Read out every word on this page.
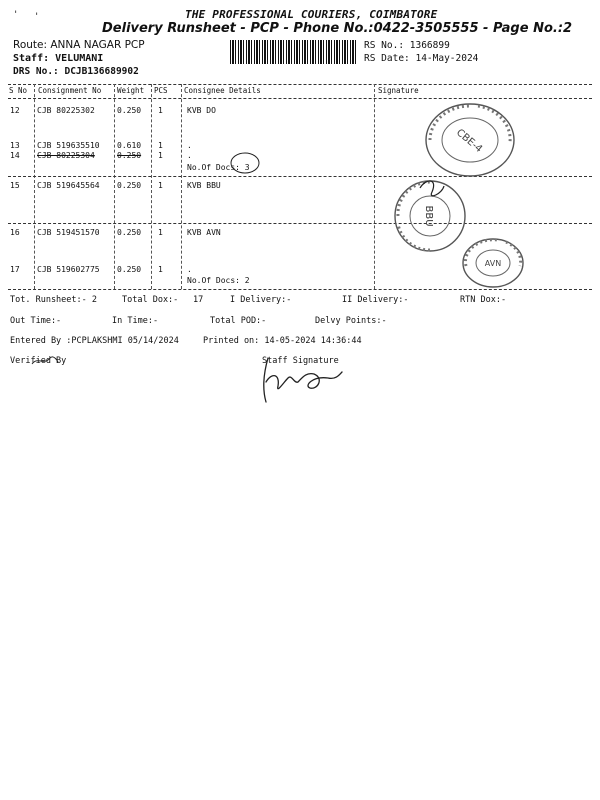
' '	THE PROFESSIONAL COURIERS, COIMBATORE
Delivery Runsheet - PCP - Phone No.:0422-3505555 - Page No.:2
Route: ANNA NAGAR PCP
Staff: VELUMANI
DRS No.: DCJB136689902
RS No.: 1366899
RS Date: 14-May-2024
S No Consignment No Weight PCS Consignee Details	Signature
12 CJB 80225302	0.250 1	KVB DO
13 CJB 519635510 0.610 1	.
14 CJB 80225304	0.250 1	.
No.Of Docs: 3
15 CJB 519645564 0.250 1	KVB BBU
16 CJB 519451570 0.250 1	KVB AVN
17 CJB 519602775 0.250 1	.
No.Of Docs: 2
CBE-4
BBU
AVN
Tot. Runsheet:- 2	Total Dox:- 17	I Delivery:-	II Delivery:-	RTN Dox:-
Out Time:-	In Time:-	Total POD:-	Delvy Points:-
Entered By :PCPLAKSHMI 05/14/2024	Printed on: 14-05-2024 14:36:44
Verified By	Staff Signature
